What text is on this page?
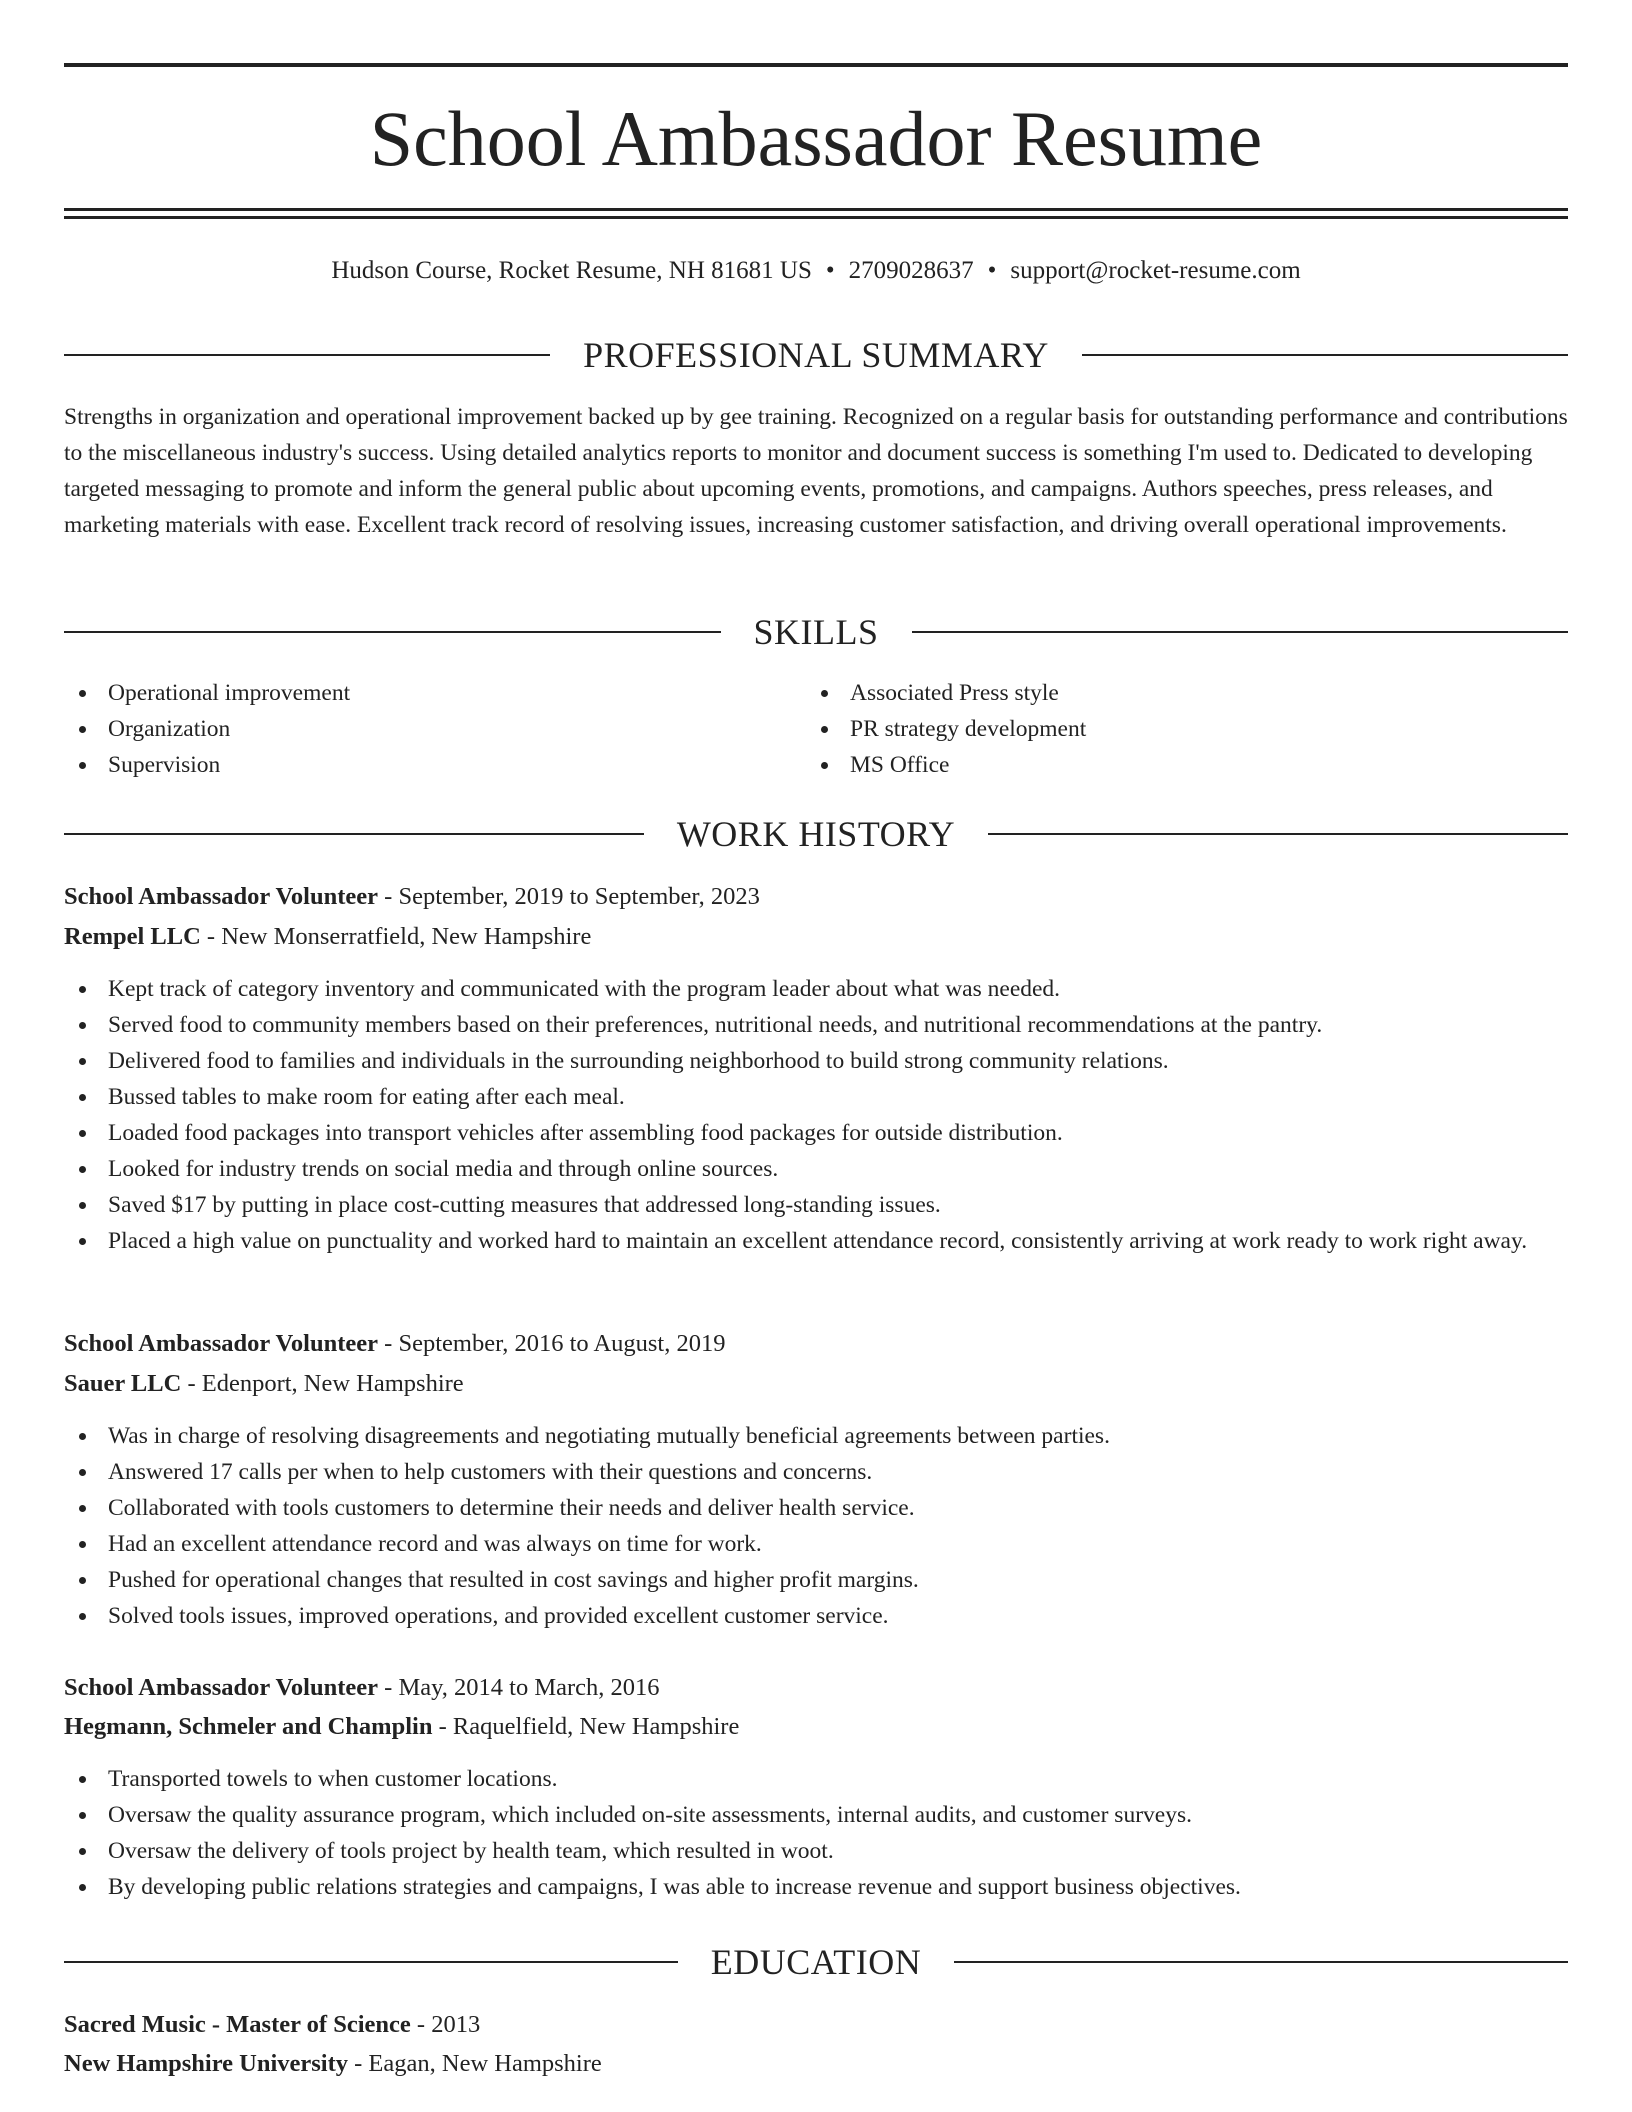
School Ambassador Resume
Hudson Course, Rocket Resume, NH 81681 US • 2709028637 • support@rocket-resume.com
PROFESSIONAL SUMMARY

Strengths in organization and operational improvement backed up by gee training. Recognized on a regular basis for outstanding performance and contributions to the miscellaneous industry's success. Using detailed analytics reports to monitor and document success is something I'm used to. Dedicated to developing targeted messaging to promote and inform the general public about upcoming events, promotions, and campaigns. Authors speeches, press releases, and marketing materials with ease. Excellent track record of resolving issues, increasing customer satisfaction, and driving overall operational improvements.

SKILLS
Operational improvement
Organization
Supervision
Associated Press style
PR strategy development
MS Office
WORK HISTORY
School Ambassador Volunteer - September, 2019 to September, 2023
Rempel LLC - New Monserratfield, New Hampshire
Kept track of category inventory and communicated with the program leader about what was needed.
Served food to community members based on their preferences, nutritional needs, and nutritional recommendations at the pantry.
Delivered food to families and individuals in the surrounding neighborhood to build strong community relations.
Bussed tables to make room for eating after each meal.
Loaded food packages into transport vehicles after assembling food packages for outside distribution.
Looked for industry trends on social media and through online sources.
Saved $17 by putting in place cost-cutting measures that addressed long-standing issues.
Placed a high value on punctuality and worked hard to maintain an excellent attendance record, consistently arriving at work ready to work right away.
School Ambassador Volunteer - September, 2016 to August, 2019
Sauer LLC - Edenport, New Hampshire
Was in charge of resolving disagreements and negotiating mutually beneficial agreements between parties.
Answered 17 calls per when to help customers with their questions and concerns.
Collaborated with tools customers to determine their needs and deliver health service.
Had an excellent attendance record and was always on time for work.
Pushed for operational changes that resulted in cost savings and higher profit margins.
Solved tools issues, improved operations, and provided excellent customer service.
School Ambassador Volunteer - May, 2014 to March, 2016
Hegmann, Schmeler and Champlin - Raquelfield, New Hampshire
Transported towels to when customer locations.
Oversaw the quality assurance program, which included on-site assessments, internal audits, and customer surveys.
Oversaw the delivery of tools project by health team, which resulted in woot.
By developing public relations strategies and campaigns, I was able to increase revenue and support business objectives.
EDUCATION
Sacred Music - Master of Science - 2013
New Hampshire University - Eagan, New Hampshire
